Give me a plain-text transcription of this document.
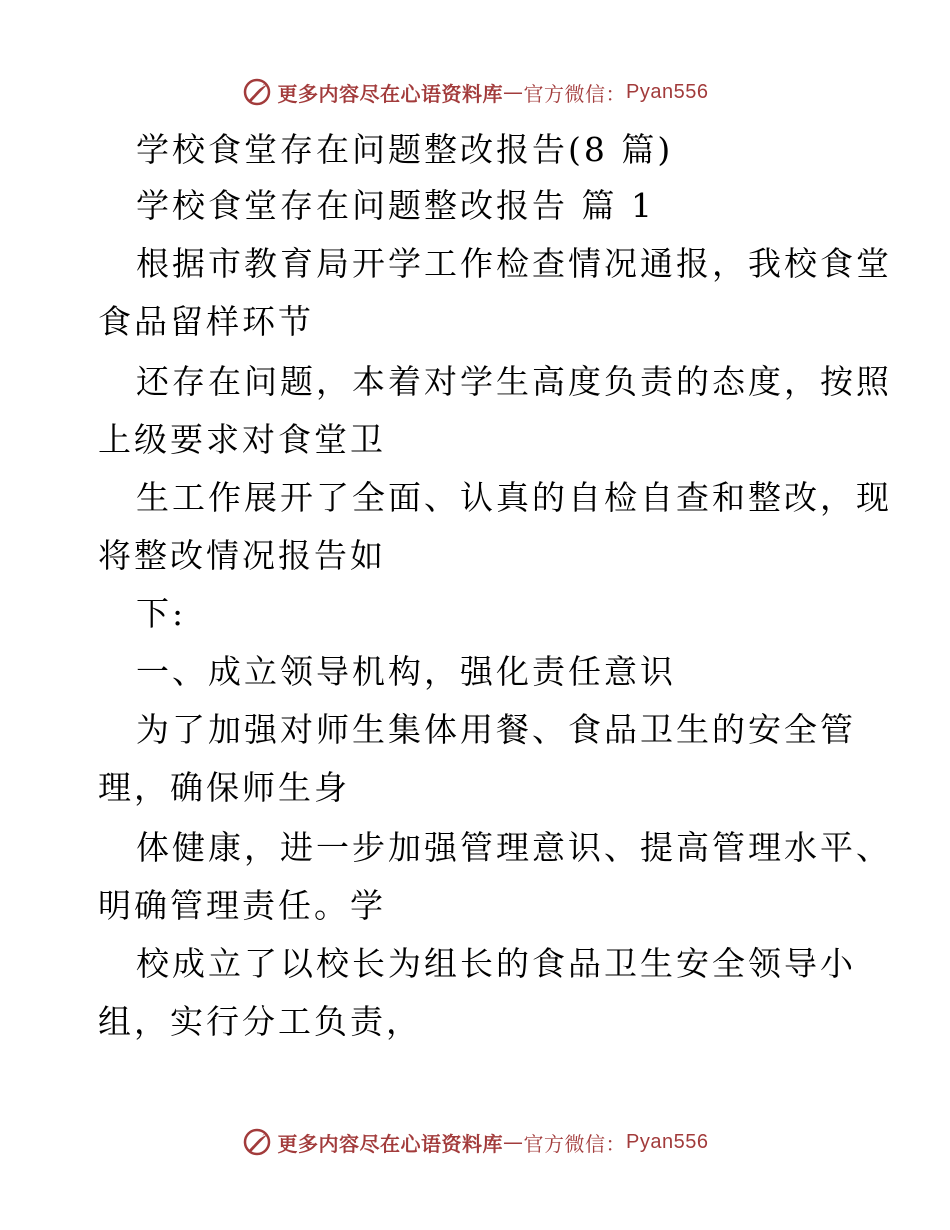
更多内容尽在心语资料库 — 官方微信： Pyan556
学校食堂存在问题整改报告(8 篇)
学校食堂存在问题整改报告 篇 1
根据市教育局开学工作检查情况通报，我校食堂
食品留样环节
还存在问题，本着对学生高度负责的态度，按照
上级要求对食堂卫
生工作展开了全面、认真的自检自查和整改，现
将整改情况报告如
下:
一、成立领导机构，强化责任意识
为了加强对师生集体用餐、食品卫生的安全管
理，确保师生身
体健康，进一步加强管理意识、提高管理水平、
明确管理责任。学
校成立了以校长为组长的食品卫生安全领导小
组，实行分工负责，
更多内容尽在心语资料库 — 官方微信： Pyan556
